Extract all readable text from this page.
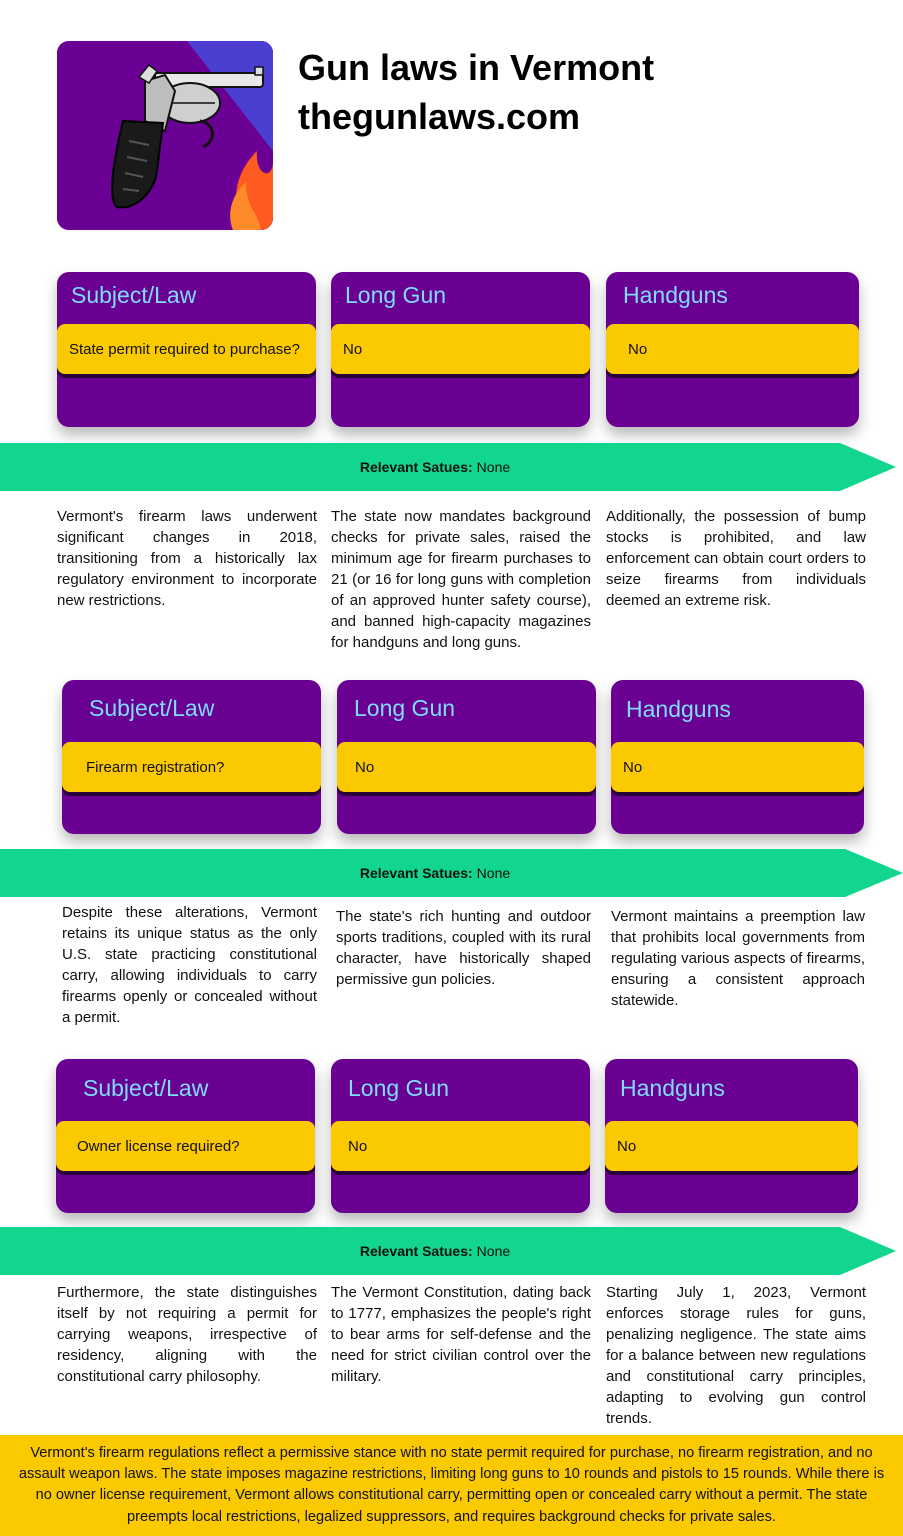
Gun laws in Vermont
thegunlaws.com
Subject/Law
State permit required to purchase?
Long Gun
No
Handguns
No
Relevant Satues: None
Vermont's firearm laws underwent significant changes in 2018, transitioning from a historically lax regulatory environment to incorporate new restrictions.
The state now mandates background checks for private sales, raised the minimum age for firearm purchases to 21 (or 16 for long guns with completion of an approved hunter safety course), and banned high-capacity magazines for handguns and long guns.
Additionally, the possession of bump stocks is prohibited, and law enforcement can obtain court orders to seize firearms from individuals deemed an extreme risk.
Subject/Law
Firearm registration?
Long Gun
No
Handguns
No
Relevant Satues: None
Despite these alterations, Vermont retains its unique status as the only U.S. state practicing constitutional carry, allowing individuals to carry firearms openly or concealed without a permit.
The state's rich hunting and outdoor sports traditions, coupled with its rural character, have historically shaped permissive gun policies.
Vermont maintains a preemption law that prohibits local governments from regulating various aspects of firearms, ensuring a consistent approach statewide.
Subject/Law
Owner license required?
Long Gun
No
Handguns
No
Relevant Satues: None
Furthermore, the state distinguishes itself by not requiring a permit for carrying weapons, irrespective of residency, aligning with the constitutional carry philosophy.
The Vermont Constitution, dating back to 1777, emphasizes the people's right to bear arms for self-defense and the need for strict civilian control over the military.
Starting July 1, 2023, Vermont enforces storage rules for guns, penalizing negligence. The state aims for a balance between new regulations and constitutional carry principles, adapting to evolving gun control trends.
Vermont's firearm regulations reflect a permissive stance with no state permit required for purchase, no firearm registration, and no assault weapon laws. The state imposes magazine restrictions, limiting long guns to 10 rounds and pistols to 15 rounds. While there is no owner license requirement, Vermont allows constitutional carry, permitting open or concealed carry without a permit. The state preempts local restrictions, legalized suppressors, and requires background checks for private sales.
